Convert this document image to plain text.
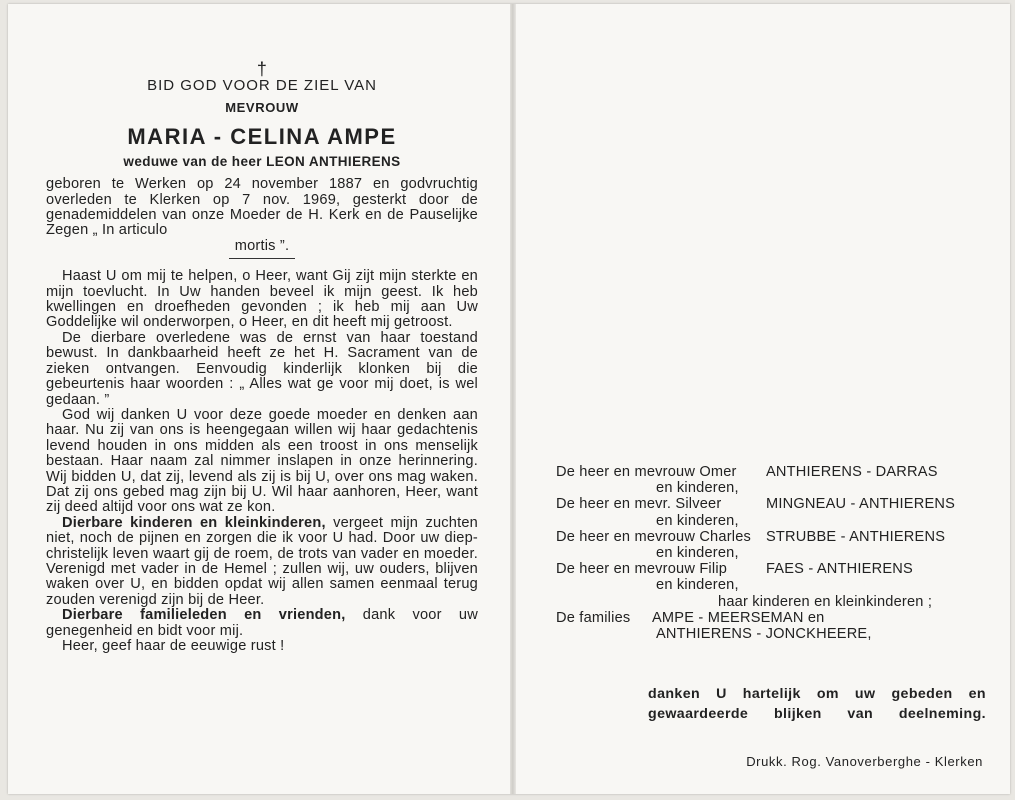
†
BID GOD VOOR DE ZIEL VAN
MEVROUW
MARIA - CELINA AMPE
weduwe van de heer LEON ANTHIERENS

geboren te Werken op 24 november 1887 en godvruchtig overleden te Klerken op 7 nov. 1969, gesterkt door de genademiddelen van onze Moeder de H. Kerk en de Pauselijke Zegen „ In articulo

mortis ”.

Haast U om mij te helpen, o Heer, want Gij zijt mijn sterkte en mijn toevlucht. In Uw handen beveel ik mijn geest. Ik heb kwellingen en droefheden gevonden ; ik heb mij aan Uw Goddelijke wil onderworpen, o Heer, en dit heeft mij getroost.

De dierbare overledene was de ernst van haar toestand bewust. In dankbaarheid heeft ze het H. Sacrament van de zieken ontvangen. Eenvoudig kinderlijk klonken bij die gebeurtenis haar woorden : „ Alles wat ge voor mij doet, is wel gedaan. ”

God wij danken U voor deze goede moeder en denken aan haar. Nu zij van ons is heengegaan willen wij haar gedachtenis levend houden in ons midden als een troost in ons menselijk bestaan. Haar naam zal nimmer inslapen in onze herinnering. Wij bidden U, dat zij, levend als zij is bij U, over ons mag waken. Dat zij ons gebed mag zijn bij U. Wil haar aanhoren, Heer, want zij deed altijd voor ons wat ze kon.

Dierbare kinderen en kleinkinderen, vergeet mijn zuchten niet, noch de pijnen en zorgen die ik voor U had. Door uw diep-christelijk leven waart gij de roem, de trots van vader en moeder. Verenigd met vader in de Hemel ; zullen wij, uw ouders, blijven waken over U, en bidden opdat wij allen samen eenmaal terug zouden verenigd zijn bij de Heer.

Dierbare familieleden en vrienden, dank voor uw genegenheid en bidt voor mij.

Heer, geef haar de eeuwige rust !

De heer en mevrouw Omer ANTHIERENS - DARRAS
en kinderen,
De heer en mevr. Silveer	MINGNEAU - ANTHIERENS
en kinderen,
De heer en mevrouw Charles STRUBBE - ANTHIERENS
en kinderen,
De heer en mevrouw Filip	FAES - ANTHIERENS
en kinderen,
haar kinderen en kleinkinderen ;
De families AMPE - MEERSEMAN en
ANTHIERENS - JONCKHEERE,
danken U hartelijk om uw gebeden en gewaardeerde blijken van deelneming.
Drukk. Rog. Vanoverberghe - Klerken
